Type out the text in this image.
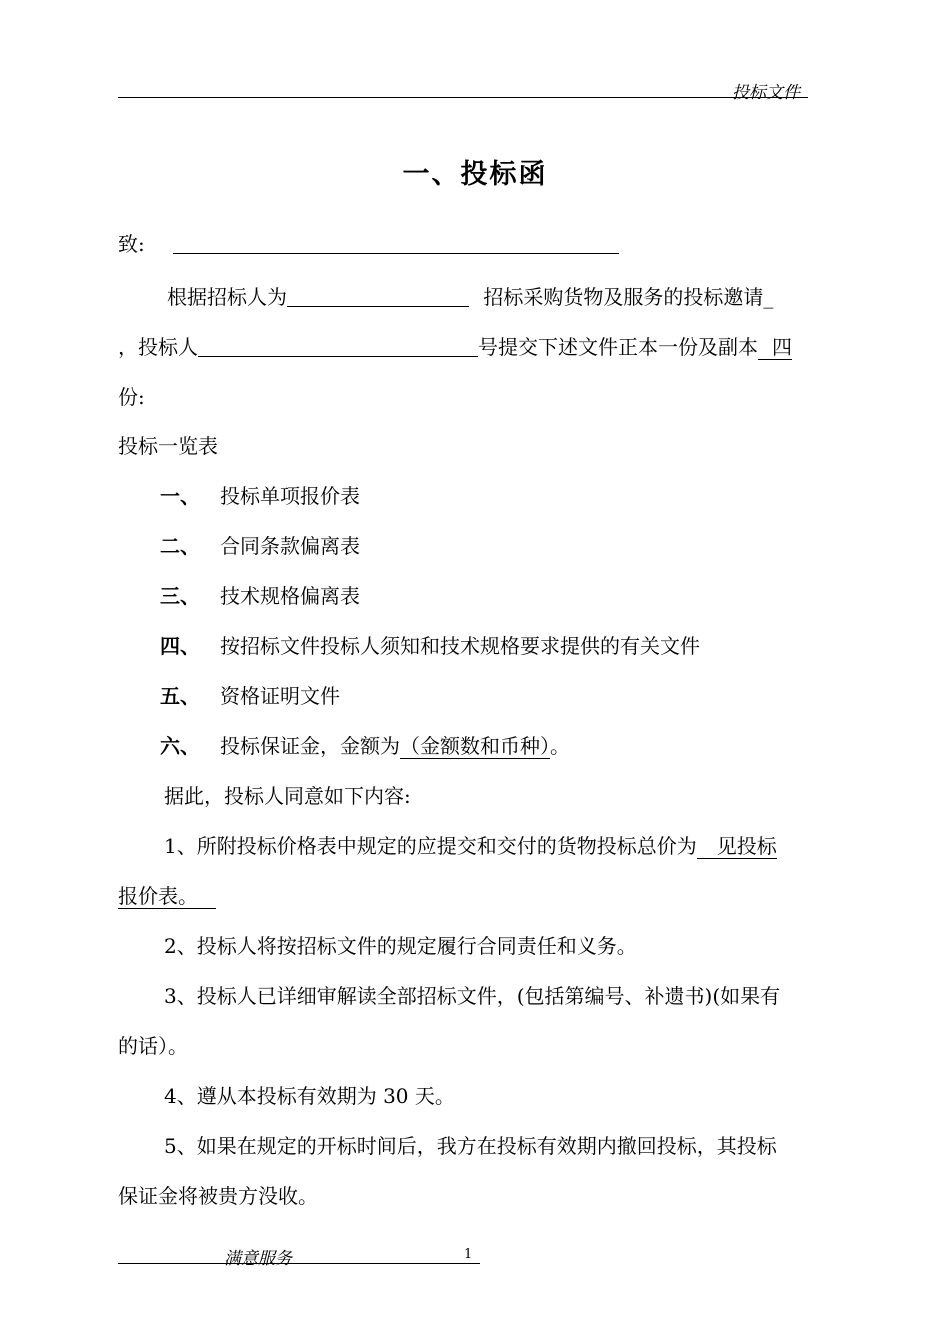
投标文件
一、投标函
致:
根据招标人为	招标采购货物及服务的投标邀请_
，投标人	号提交下述文件正本一份及副本 四
份:
投标一览表
一、 投标单项报价表
二、 合同条款偏离表
三、 技术规格偏离表
四、 按招标文件投标人须知和技术规格要求提供的有关文件
五、 资格证明文件
六、 投标保证金，金额为（金额数和币种）。
据此，投标人同意如下内容:
1、所附投标价格表中规定的应提交和交付的货物投标总价为　见投标
报价表。
2、投标人将按招标文件的规定履行合同责任和义务。
3、投标人已详细审解读全部招标文件，(包括第编号、补遗书)(如果有
的话）。
4、遵从本投标有效期为 30 天。
5、如果在规定的开标时间后，我方在投标有效期内撤回投标，其投标
保证金将被贵方没收。
满意服务	1
